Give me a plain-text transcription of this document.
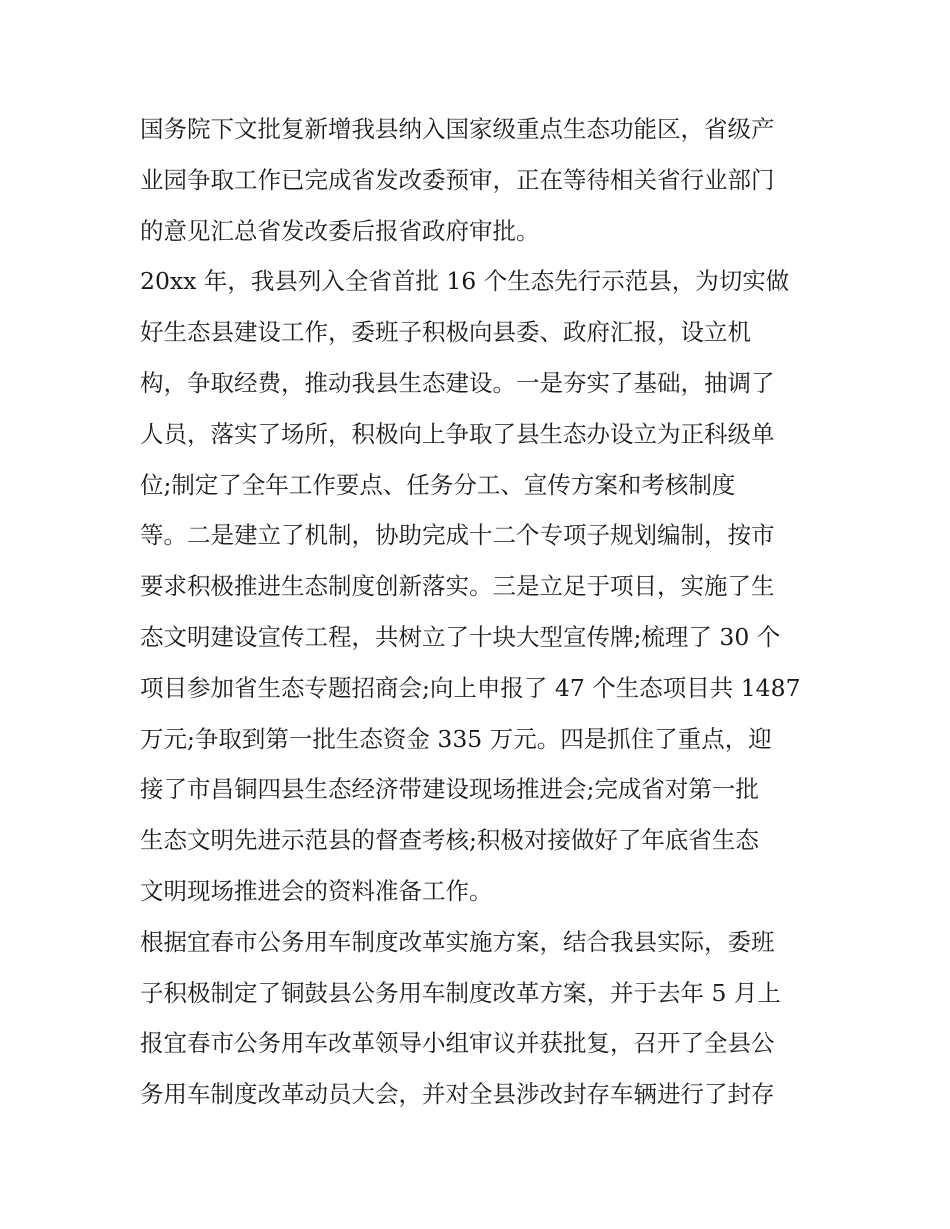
国务院下文批复新增我县纳入国家级重点生态功能区，省级产
业园争取工作已完成省发改委预审，正在等待相关省行业部门
的意见汇总省发改委后报省政府审批。
20xx 年，我县列入全省首批 16 个生态先行示范县，为切实做
好生态县建设工作，委班子积极向县委、政府汇报，设立机
构，争取经费，推动我县生态建设。一是夯实了基础，抽调了
人员，落实了场所，积极向上争取了县生态办设立为正科级单
位;制定了全年工作要点、任务分工、宣传方案和考核制度
等。二是建立了机制，协助完成十二个专项子规划编制，按市
要求积极推进生态制度创新落实。三是立足于项目，实施了生
态文明建设宣传工程，共树立了十块大型宣传牌;梳理了 30 个
项目参加省生态专题招商会;向上申报了 47 个生态项目共 1487
万元;争取到第一批生态资金 335 万元。四是抓住了重点，迎
接了市昌铜四县生态经济带建设现场推进会;完成省对第一批
生态文明先进示范县的督查考核;积极对接做好了年底省生态
文明现场推进会的资料准备工作。
根据宜春市公务用车制度改革实施方案，结合我县实际，委班
子积极制定了铜鼓县公务用车制度改革方案，并于去年 5 月上
报宜春市公务用车改革领导小组审议并获批复，召开了全县公
务用车制度改革动员大会，并对全县涉改封存车辆进行了封存
